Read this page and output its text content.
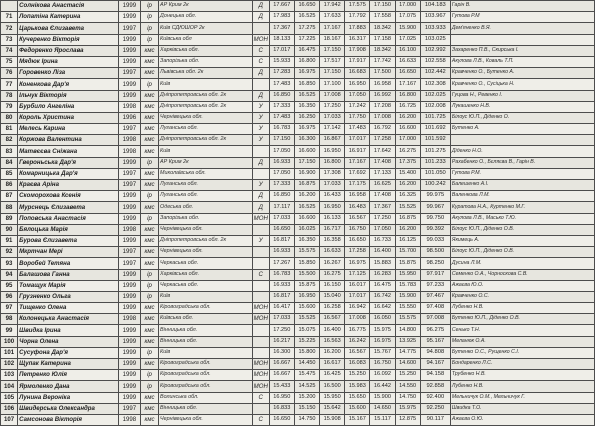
	Солнікова Анастасія	1999	ір	АР Крим 2к	Д	17.667	16.650	17.942	17.575	17.150	17.000	104.183	Гарін В.
71	Лопатіна Катерина	1999	ір	Донецька обл.	Д	17.983	16.525	17.633	17.792	17.558	17.075	103.967	Гутова Р.М
72	Царькова Єлизавета	1997	ір	Київ СДЮШОР 2к		17.367	17.275	17.167	17.883	18.342	15.900	103.933	Дем'яненко В.Я.
73	Кучеренко Вікторія	1999	ір	Київська обл	МОН	18.133	17.225	18.167	16.317	17.158	17.025	103.025	
74	Федоренко Ярослава	1999	кмс	Харківська обл.	С	17.017	16.475	17.150	17.908	18.342	16.100	102.992	Захаренко П.В., Скирська І.
75	Мядюк Ірина	1999	кмс	Запорізька обл.	С	15.933	16.800	17.517	17.917	17.742	16.633	102.558	Акулова Л.В., Коваль Т.П.
76	Горовенко Ліза	1997	кмс	Львівська обл. 2к	Д	17.283	16.975	17.150	16.683	17.500	16.650	102.442	Кравченко О., Бутенко А.
77	Коненкова Дар'я	1999	ір	Київ		17.483	16.850	17.100	16.950	16.958	17.167	102.308	Кравченко О., Сусіцька Н.
78	Ільчук Вікторія	1999	кмс	Дніпропетровська обл. 2к	Д	16.850	16.525	17.008	17.050	16.992	16.800	102.025	Гуцова Н., Ревенко І.
79	Бурбило Ангеліна	1998	кмс	Дніпропетровська обл. 2к	У	17.333	16.350	17.250	17.242	17.208	16.725	102.008	Лукашенко Н.В.
80	Король Христина	1996	кмс	Чернівецька обл.	У	17.483	16.250	17.033	17.750	17.008	16.200	101.725	Білоус Ю.П., Діденко О.
81	Мелесь Карина	1997	кмс	Луганська обл.	У	16.783	16.975	17.142	17.483	16.792	16.600	101.692	Бутенко А.
82	Коржова Валентина	1998	кмс	Дніпропетровська обл. 2к	У	17.150	16.300	16.867	17.017	17.258	17.000	101.592	
83	Матвєєва Сніжана	1998	кмс	Київ		17.050	16.600	16.950	16.917	17.642	16.275	101.275	Діденко Н.О.
84	Гвероньська Дар'я	1999	ір	АР Крим 2к	Д	16.933	17.150	16.800	17.167	17.408	17.375	101.233	Рахабенко О., Бєляєва В., Гарін В.
85	Комарницька Дар'я	1997	кмс	Миколаївська обл.		17.050	16.900	17.308	17.692	17.133	15.400	101.050	Гутова Р.М.
86	Краєва Аріна	1997	кмс	Луганська обл.	У	17.333	16.875	17.033	17.175	16.625	16.200	100.242	Балешенко А.І.
87	Скоморохова Ксенія	1999	ір	Луганська обл.	Д	16.850	16.200	16.433	16.958	17.408	16.325	99.975	Валенкова Л.М.
88	Мурснець Єлизавета	1999	кмс	Одеська обл.	Д	17.117	16.525	16.950	16.483	17.367	15.525	99.967	Куратова Н.А., Куртенко М.Г.
89	Поповська Анастасія	1999	ір	Запорізька обл.	МОН	17.033	16.600	16.133	16.567	17.250	16.875	99.750	Акулова Л.В., Масько Т.Ю.
90	Бялоцька Марія	1998	кмс	Чернівецька обл.		16.650	16.025	16.717	16.750	17.050	16.200	99.392	Білоус Ю.П., Діденко О.В.
91	Бурова Єлизавета	1999	кмс	Дніпропетровська обл. 2к	У	16.817	16.350	16.358	16.650	16.733	16.125	99.033	Якимець А.
92	Мкртчан Мері	1997	кмс	Чернівецька обл.		16.933	15.575	16.633	17.258	16.400	15.700	98.500	Білоус Ю.П., Діденко О.В.
93	Воробей Тетяна	1997	кмс	Черкаська обл.		17.267	15.850	16.267	16.975	15.883	15.875	98.250	Дусина Л.М.
94	Балашова Ганна	1999	ір	Харківська обл.	С	16.783	15.500	16.275	17.125	16.283	15.950	97.917	Семенко О.А., Чорноскова С.В.
95	Томащук Марія	1999	ір	Черкаська обл.		16.933	15.875	16.150	16.017	16.475	15.783	97.233	Ажаєва Ю.О.
96	Грузненко Ольга	1999	ір	Київ		16.817	16.950	15.040	17.017	16.742	15.900	97.467	Кравченко О.С.
97	Тищенко Олена	1999	кмс	Кіровоградська обл.	МОН	16.417	15.600	16.258	16.942	16.642	15.550	97.408	Лубенко Н.В.
98	Колонецька Анастасія	1998	кмс	Київська обл.	МОН	17.033	15.525	16.567	17.008	16.050	15.575	97.008	Бутенко Ю.П., Діденко О.В.
99	Швидка Ірина	1999	кмс	Вінницька обл.		17.250	15.075	16.400	16.775	15.975	14.800	96.275	Сенько Т.Н.
100	Чорна Олена	1999	кмс	Вінницька обл.		16.217	15.225	16.563	16.242	16.975	13.925	95.167	Меланюк О.А.
101	Сусуфона Дар'я	1999	ір	Київ		16.300	15.800	16.200	16.567	15.767	14.775	94.808	Бутенко О.С., Рущенко С.І.
102	Щупак Катерина	1999	кмс	Кіровоградська обл.	МОН	16.667	14.450	16.617	16.083	16.750	14.600	94.167	Бондаренко Л.С.
103	Петренко Юлія	1999	ір	Кіровоградська обл.	МОН	16.667	15.475	16.425	15.250	16.092	15.250	94.158	Трубенко Н.В.
104	Ярмоленко Дана	1999	ір	Кіровоградська обл.	МОН	15.433	14.525	16.500	15.983	16.442	14.550	92.858	Лубенко Н.В.
105	Лунина Вероніка	1999	кмс	Волинська обл.	С	16.950	15.200	15.950	15.650	15.900	14.750	92.400	Мельничук О.М., Мельничук Г.
106	Швидерська Олександра	1997	кмс	Вінницька обл.		16.833	15.150	15.642	15.600	14.650	15.975	92.250	Швидка Т.О.
107	Самсонова Вікторія	1998	кмс	Чернівецька обл.	С	16.650	14.750	15.908	15.167	15.117	12.875	90.117	Ажаєва О.Ю.
